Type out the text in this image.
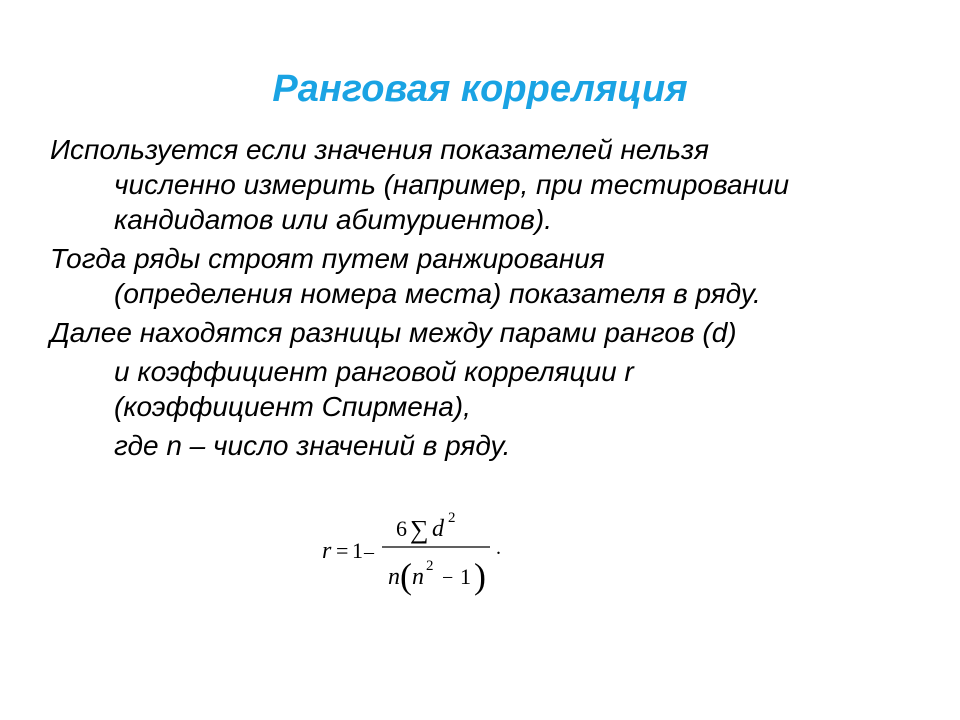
Ранговая корреляция
Используется если значения показателей нельзя
численно измерить (например, при тестировании
кандидатов или абитуриентов).
Тогда ряды строят путем ранжирования
(определения номера места) показателя в ряду.
Далее находятся разницы между парами рангов (d)
и коэффициент ранговой корреляции r
(коэффициент Спирмена),
где n – число значений в ряду.
r = 1 –
6 ∑ d 2
n ( n 2
− 1 )
.
